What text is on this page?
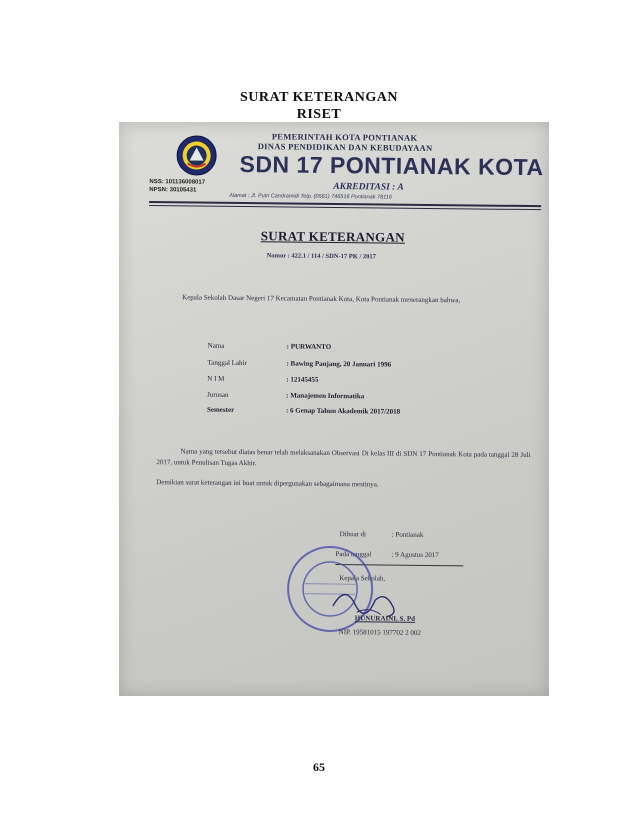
SURAT KETERANGAN
RISET
NSS: 101136008017
NPSN: 30105431
PEMERINTAH KOTA PONTIANAK
DINAS PENDIDIKAN DAN KEBUDAYAAN
SDN 17 PONTIANAK KOTA
AKREDITASI : A
Alamat : Jl. Putri Candramidi Telp. (0561) 746516 Pontianak 78116
SURAT KETERANGAN
Nomor : 422.1 / 114 / SDN-17 PK / 2017
Kepala Sekolah Dasar Negeri 17 Kecamatan Pontianak Kota, Kota Pontianak menerangkan bahwa,
Nama	: PURWANTO
Tanggal Lahir	: Bawing Panjang, 20 Januari 1996
N I M	: 12145455
Jurusan	: Manajemen Informatika
Semester	: 6 Genap Tahun Akademik 2017/2018
Nama yang tersebut diatas benar telah melaksanakan Observasi Di kelas III di SDN 17 Pontianak Kota pada tanggal 28 Juli 2017, untuk Penulisan Tugas Akhir.
Demikian surat keterangan ini buat untuk dipergunakan sebagaimana mestinya.
Dibuat di	: Pontianak
Pada tanggal	: 9 Agustus 2017
Kepala Sekolah,
HUNURAINI, S. Pd
NIP. 19581015 197702 2 002
65
